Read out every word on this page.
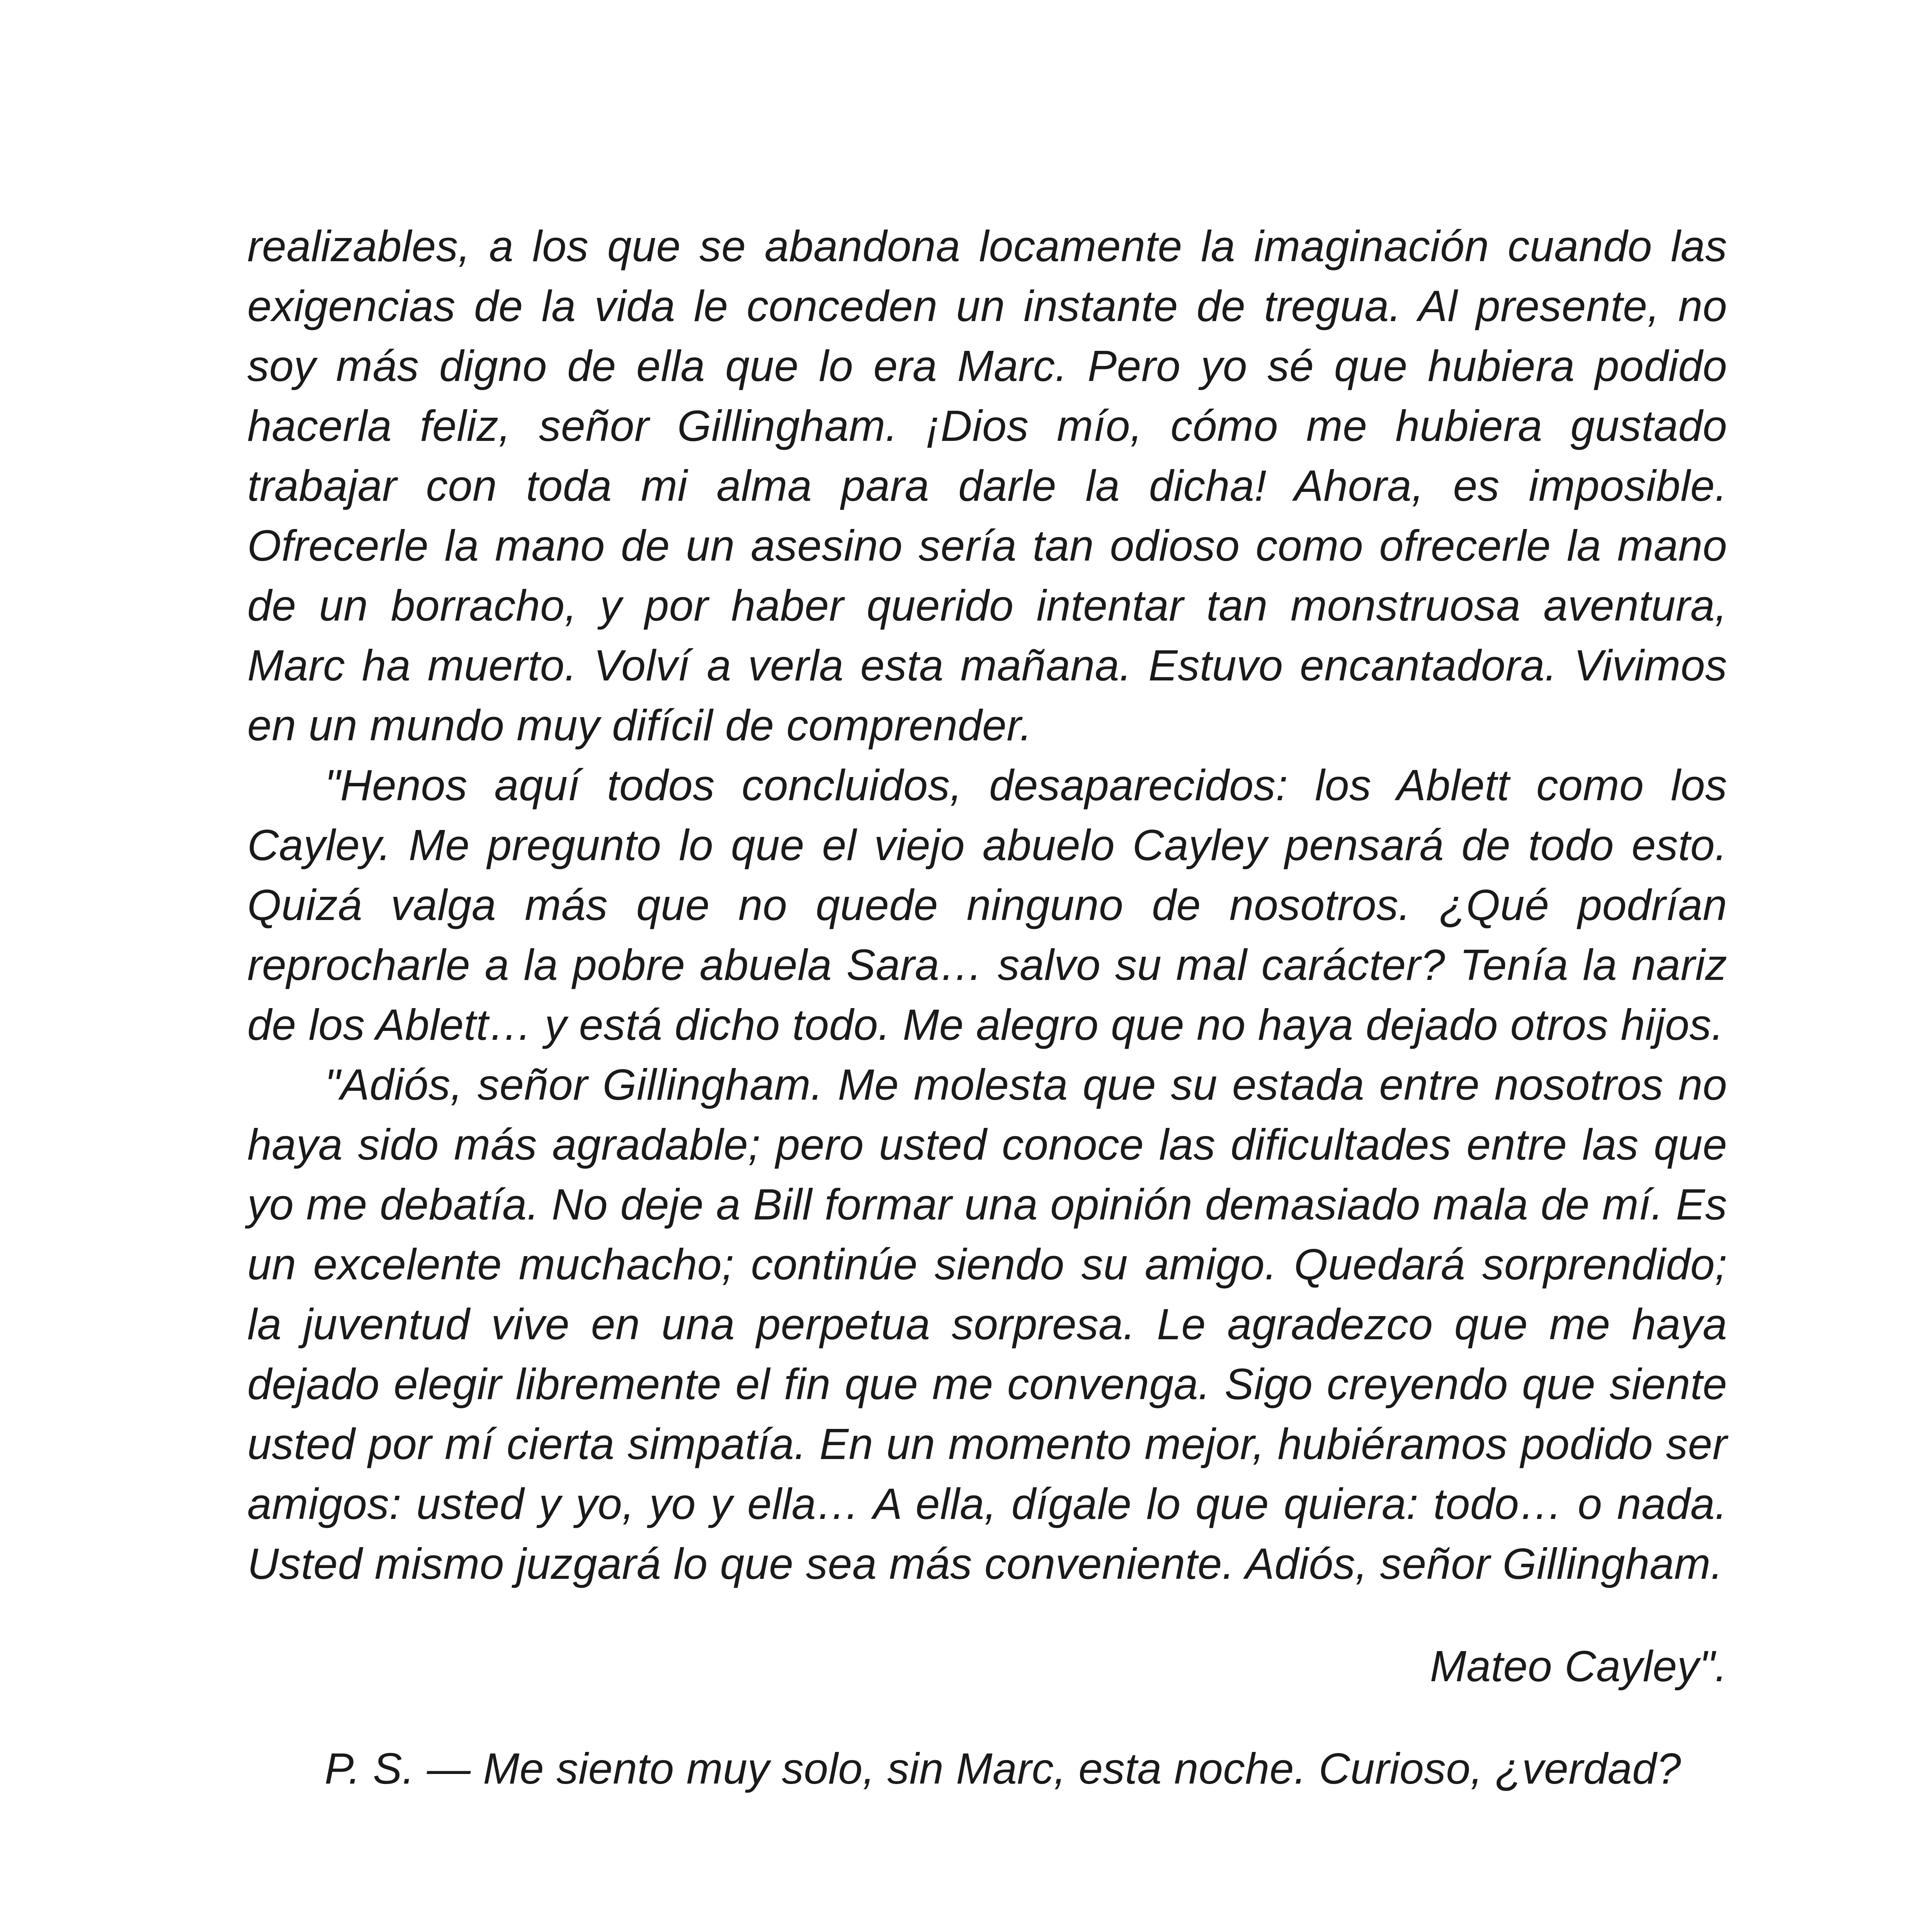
realizables, a los que se abandona locamente la imaginación cuando las exigencias de la vida le conceden un instante de tregua. Al presente, no soy más digno de ella que lo era Marc. Pero yo sé que hubiera podido hacerla feliz, señor Gillingham. ¡Dios mío, cómo me hubiera gustado trabajar con toda mi alma para darle la dicha! Ahora, es imposible. Ofrecerle la mano de un asesino sería tan odioso como ofrecerle la mano de un borracho, y por haber querido intentar tan monstruosa aventura, Marc ha muerto. Volví a verla esta mañana. Estuvo encantadora. Vivimos en un mundo muy difícil de comprender.

"Henos aquí todos concluidos, desaparecidos: los Ablett como los Cayley. Me pregunto lo que el viejo abuelo Cayley pensará de todo esto. Quizá valga más que no quede ninguno de nosotros. ¿Qué podrían reprocharle a la pobre abuela Sara… salvo su mal carácter? Tenía la nariz de los Ablett… y está dicho todo. Me alegro que no haya dejado otros hijos.

"Adiós, señor Gillingham. Me molesta que su estada entre nosotros no haya sido más agradable; pero usted conoce las dificultades entre las que yo me debatía. No deje a Bill formar una opinión demasiado mala de mí. Es un excelente muchacho; continúe siendo su amigo. Quedará sorprendido; la juventud vive en una perpetua sorpresa. Le agradezco que me haya dejado elegir libremente el fin que me convenga. Sigo creyendo que siente usted por mí cierta simpatía. En un momento mejor, hubiéramos podido ser amigos: usted y yo, yo y ella… A ella, dígale lo que quiera: todo… o nada. Usted mismo juzgará lo que sea más conveniente. Adiós, señor Gillingham.

Mateo Cayley".

P. S. — Me siento muy solo, sin Marc, esta noche. Curioso, ¿verdad?
